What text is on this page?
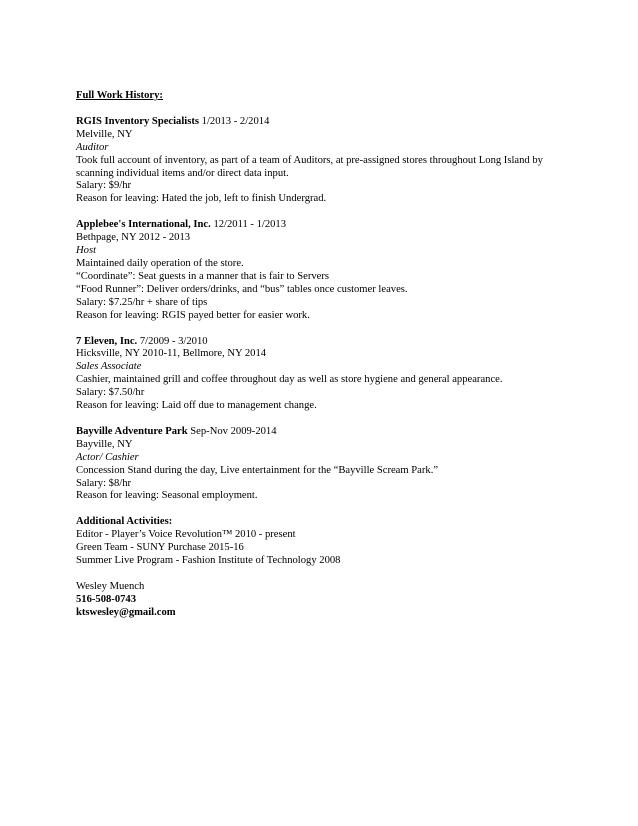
Full Work History:

RGIS Inventory Specialists 1/2013 - 2/2014

Melville, NY

Auditor

Took full account of inventory, as part of a team of Auditors, at pre-assigned stores throughout Long Island by scanning individual items and/or direct data input.

Salary: $9/hr

Reason for leaving: Hated the job, left to finish Undergrad.

Applebee's International, Inc. 12/2011 - 1/2013

Bethpage, NY 2012 - 2013

Host

Maintained daily operation of the store.

“Coordinate”: Seat guests in a manner that is fair to Servers

“Food Runner”: Deliver orders/drinks, and “bus” tables once customer leaves.

Salary: $7.25/hr + share of tips

Reason for leaving: RGIS payed better for easier work.

7 Eleven, Inc. 7/2009 - 3/2010

Hicksville, NY 2010-11, Bellmore, NY 2014

Sales Associate

Cashier, maintained grill and coffee throughout day as well as store hygiene and general appearance.

Salary: $7.50/hr

Reason for leaving: Laid off due to management change.

Bayville Adventure Park Sep-Nov 2009-2014

Bayville, NY

Actor/ Cashier

Concession Stand during the day, Live entertainment for the “Bayville Scream Park.”

Salary: $8/hr

Reason for leaving: Seasonal employment.

Additional Activities:

Editor - Player’s Voice Revolution™ 2010 - present

Green Team - SUNY Purchase 2015-16

Summer Live Program - Fashion Institute of Technology 2008

Wesley Muench

516-508-0743

ktswesley@gmail.com
